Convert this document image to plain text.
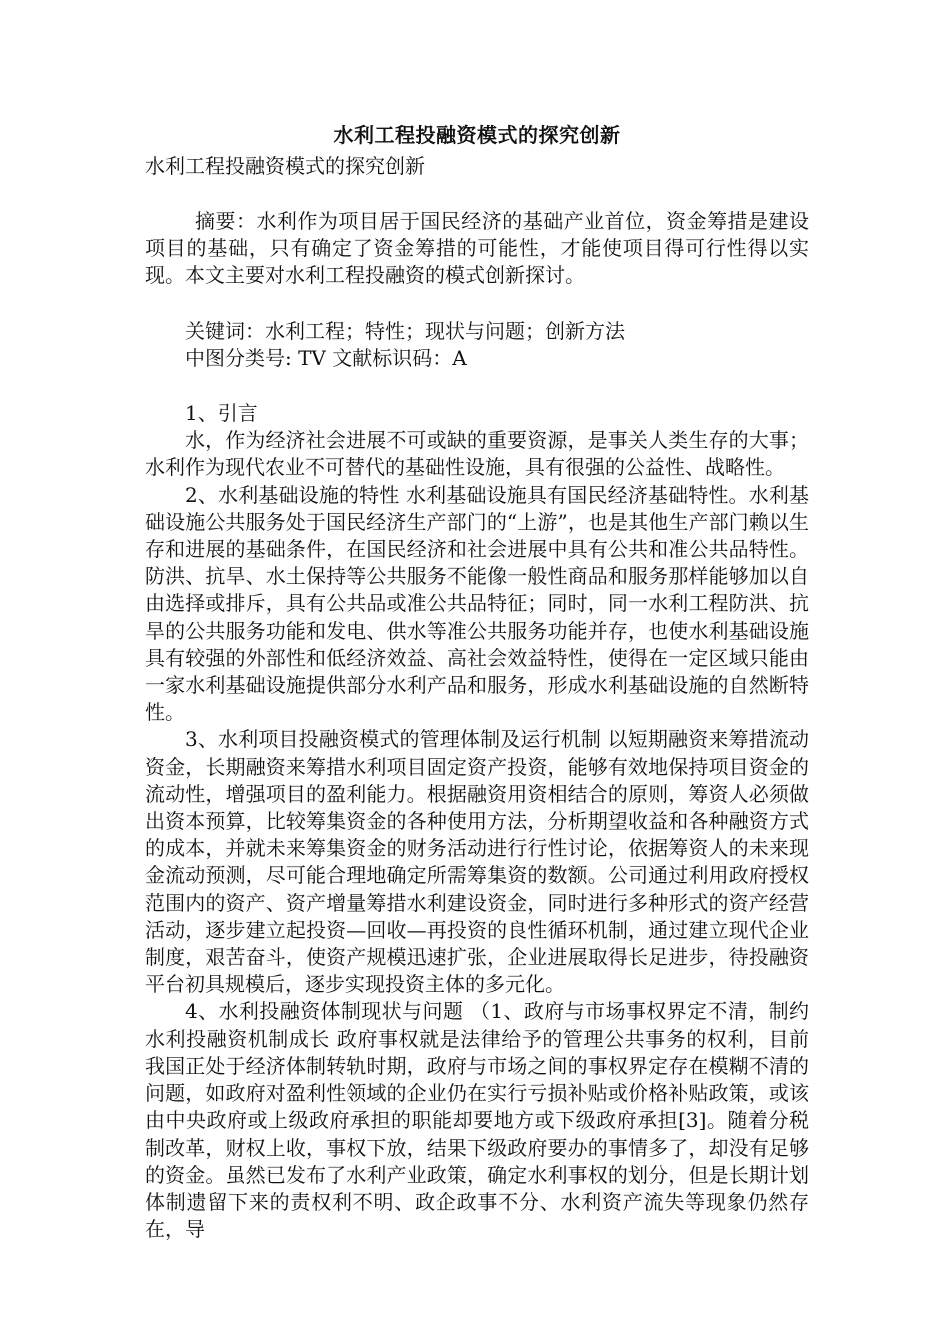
水利工程投融资模式的探究创新
水利工程投融资模式的探究创新

摘要：水利作为项目居于国民经济的基础产业首位，资金筹措是建设项目的基础，只有确定了资金筹措的可能性，才能使项目得可行性得以实现。本文主要对水利工程投融资的模式创新探讨。

关键词：水利工程；特性；现状与问题；创新方法

中图分类号: TV 文献标识码：A

1、引言

水，作为经济社会进展不可或缺的重要资源，是事关人类生存的大事；水利作为现代农业不可替代的基础性设施，具有很强的公益性、战略性。

2、水利基础设施的特性 水利基础设施具有国民经济基础特性。水利基础设施公共服务处于国民经济生产部门的“上游”，也是其他生产部门赖以生存和进展的基础条件，在国民经济和社会进展中具有公共和准公共品特性。防洪、抗旱、水土保持等公共服务不能像一般性商品和服务那样能够加以自由选择或排斥，具有公共品或准公共品特征；同时，同一水利工程防洪、抗旱的公共服务功能和发电、供水等准公共服务功能并存，也使水利基础设施具有较强的外部性和低经济效益、高社会效益特性，使得在一定区域只能由一家水利基础设施提供部分水利产品和服务，形成水利基础设施的自然断特性。

3、水利项目投融资模式的管理体制及运行机制 以短期融资来筹措流动资金，长期融资来筹措水利项目固定资产投资，能够有效地保持项目资金的流动性，增强项目的盈利能力。根据融资用资相结合的原则，筹资人必须做出资本预算，比较筹集资金的各种使用方法，分析期望收益和各种融资方式的成本，并就未来筹集资金的财务活动进行行性讨论，依据筹资人的未来现金流动预测，尽可能合理地确定所需筹集资的数额。公司通过利用政府授权范围内的资产、资产增量筹措水利建设资金，同时进行多种形式的资产经营活动，逐步建立起投资—回收—再投资的良性循环机制，通过建立现代企业制度，艰苦奋斗，使资产规模迅速扩张，企业进展取得长足进步，待投融资平台初具规模后，逐步实现投资主体的多元化。

4、水利投融资体制现状与问题 （1、政府与市场事权界定不清，制约水利投融资机制成长 政府事权就是法律给予的管理公共事务的权利，目前我国正处于经济体制转轨时期，政府与市场之间的事权界定存在模糊不清的问题，如政府对盈利性领域的企业仍在实行亏损补贴或价格补贴政策，或该由中央政府或上级政府承担的职能却要地方或下级政府承担[3]。随着分税制改革，财权上收，事权下放，结果下级政府要办的事情多了，却没有足够的资金。虽然已发布了水利产业政策，确定水利事权的划分，但是长期计划体制遗留下来的责权利不明、政企政事不分、水利资产流失等现象仍然存在，导
